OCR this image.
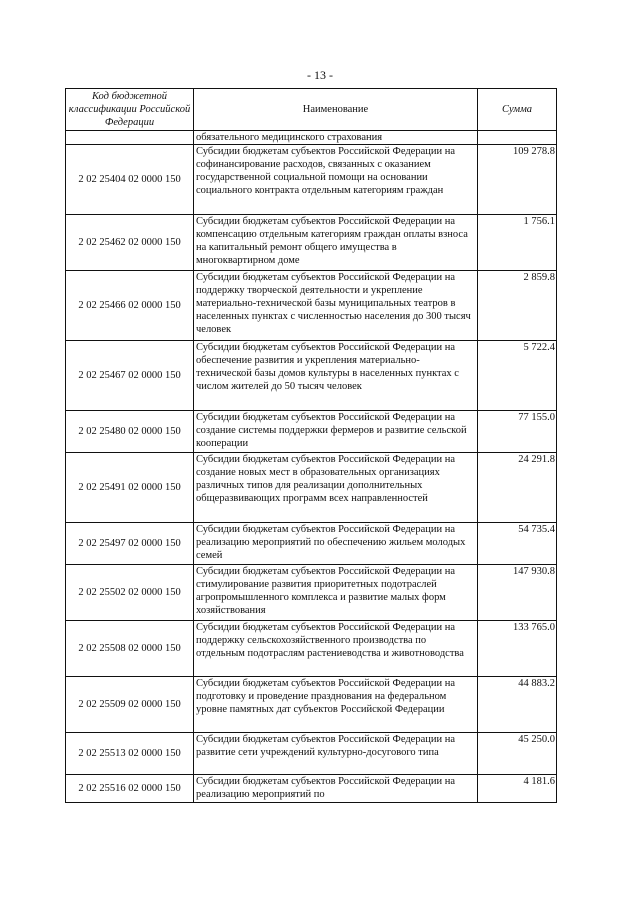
- 13 -
Код бюджетной классификации Российской Федерации	Наименование	Сумма
	обязательного медицинского страхования	
2 02 25404 02 0000 150	Субсидии бюджетам субъектов Российской Федерации на софинансирование расходов, связанных с оказанием государственной социальной помощи на основании социального контракта отдельным категориям граждан	109 278.8
2 02 25462 02 0000 150	Субсидии бюджетам субъектов Российской Федерации на компенсацию отдельным категориям граждан оплаты взноса на капитальный ремонт общего имущества в многоквартирном доме	1 756.1
2 02 25466 02 0000 150	Субсидии бюджетам субъектов Российской Федерации на поддержку творческой деятельности и укрепление материально-технической базы муниципальных театров в населенных пунктах с численностью населения до 300 тысяч человек	2 859.8
2 02 25467 02 0000 150	Субсидии бюджетам субъектов Российской Федерации на обеспечение развития и укрепления материально-технической базы домов культуры в населенных пунктах с числом жителей до 50 тысяч человек	5 722.4
2 02 25480 02 0000 150	Субсидии бюджетам субъектов Российской Федерации на создание системы поддержки фермеров и развитие сельской кооперации	77 155.0
2 02 25491 02 0000 150	Субсидии бюджетам субъектов Российской Федерации на создание новых мест в образовательных организациях различных типов для реализации дополнительных общеразвивающих программ всех направленностей	24 291.8
2 02 25497 02 0000 150	Субсидии бюджетам субъектов Российской Федерации на реализацию мероприятий по обеспечению жильем молодых семей	54 735.4
2 02 25502 02 0000 150	Субсидии бюджетам субъектов Российской Федерации на стимулирование развития приоритетных подотраслей агропромышленного комплекса и развитие малых форм хозяйствования	147 930.8
2 02 25508 02 0000 150	Субсидии бюджетам субъектов Российской Федерации на поддержку сельскохозяйственного производства по отдельным подотраслям растениеводства и животноводства	133 765.0
2 02 25509 02 0000 150	Субсидии бюджетам субъектов Российской Федерации на подготовку и проведение празднования на федеральном уровне памятных дат субъектов Российской Федерации	44 883.2
2 02 25513 02 0000 150	Субсидии бюджетам субъектов Российской Федерации на развитие сети учреждений культурно-досугового типа	45 250.0
2 02 25516 02 0000 150	Субсидии бюджетам субъектов Российской Федерации на реализацию мероприятий по	4 181.6
